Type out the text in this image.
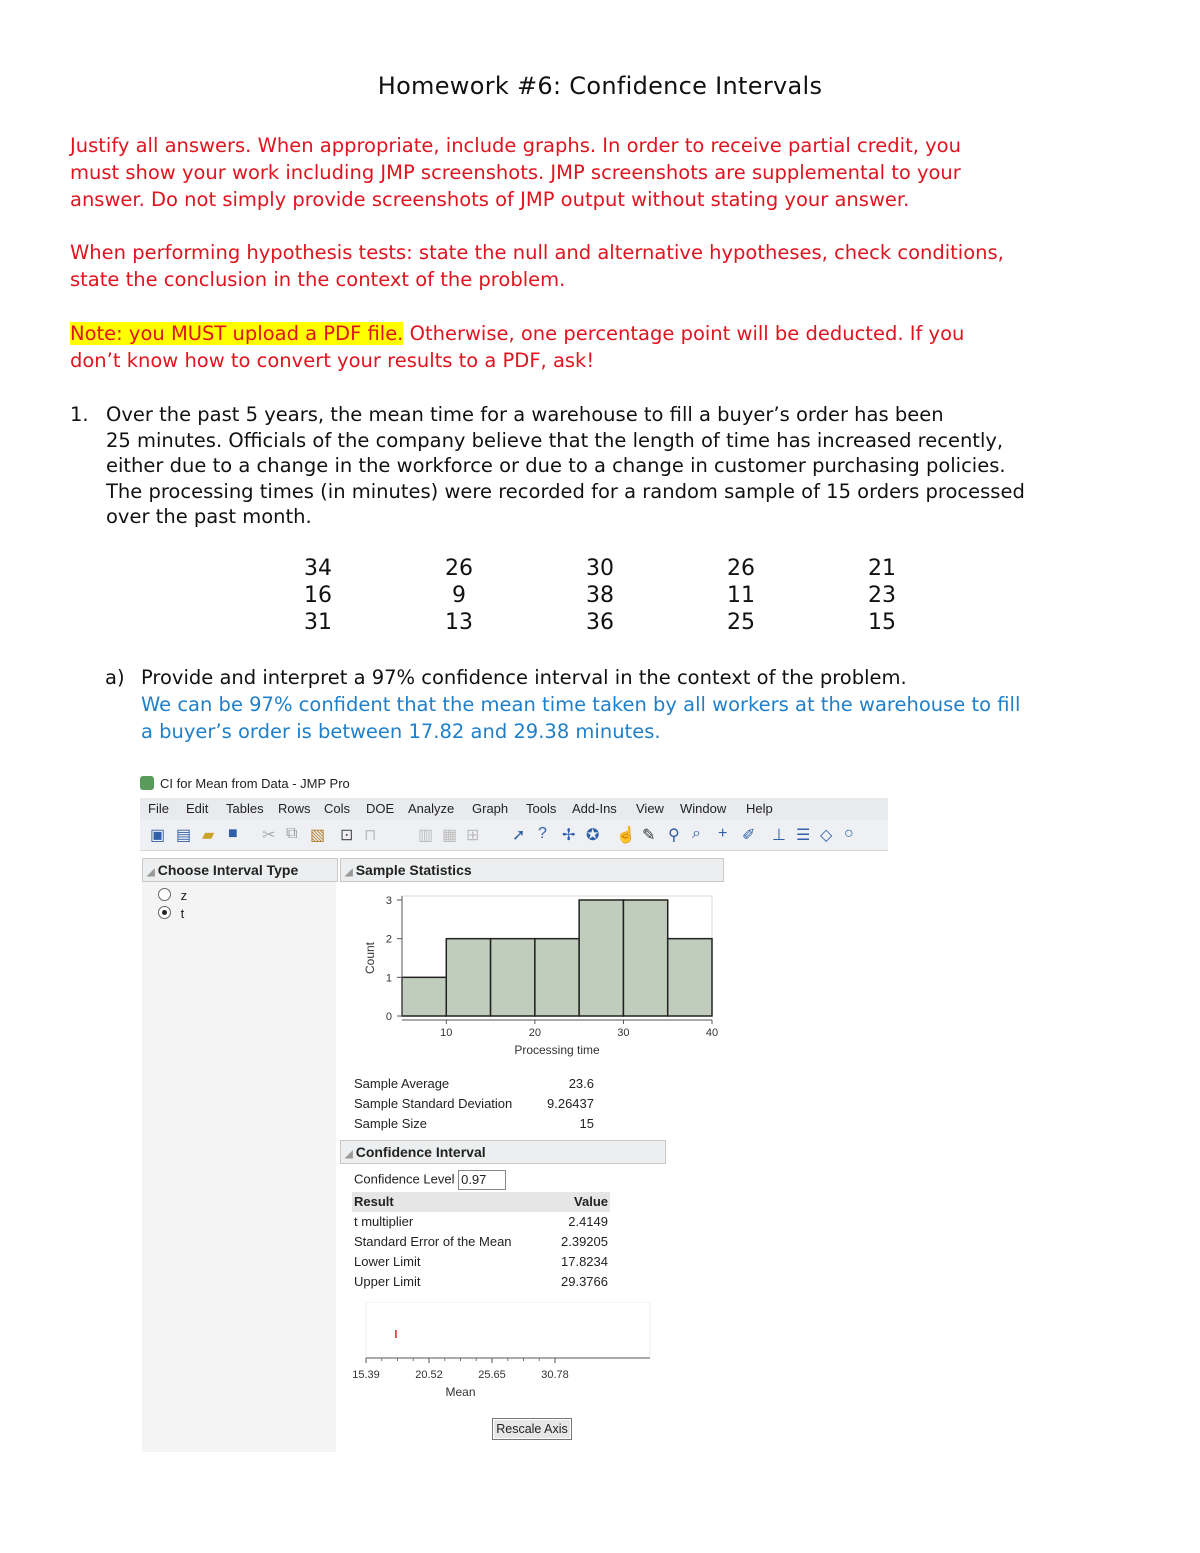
Homework #6: Confidence Intervals
Justify all answers. When appropriate, include graphs. In order to receive partial credit, you
must show your work including JMP screenshots. JMP screenshots are supplemental to your
answer. Do not simply provide screenshots of JMP output without stating your answer.
When performing hypothesis tests: state the null and alternative hypotheses, check conditions,
state the conclusion in the context of the problem.
Note: you MUST upload a PDF file. Otherwise, one percentage point will be deducted. If you
don’t know how to convert your results to a PDF, ask!
1. Over the past 5 years, the mean time for a warehouse to fill a buyer’s order has been
25 minutes. Officials of the company believe that the length of time has increased recently,
either due to a change in the workforce or due to a change in customer purchasing policies.
The processing times (in minutes) were recorded for a random sample of 15 orders processed
over the past month.
34	26	30	26	21
16	9	38	11	23
31	13	36	25	15
a) Provide and interpret a 97% confidence interval in the context of the problem.
We can be 97% confident that the mean time taken by all workers at the warehouse to fill
a buyer’s order is between 17.82 and 29.38 minutes.
CI for Mean from Data - JMP Pro
File Edit Tables Rows Cols DOE Analyze Graph Tools Add-Ins View Window Help
▣ ▤ ▰ ■ ✂ ⧉ ▧ ⊡ ⊓	▥ ▦ ⊞ ➚ ? ✢ ✪ ☝ ✎ ⚲ ⌕ + ✐ ⊥ ☰ ◇ ○
◢ Choose Interval Type
z
t
◢ Sample Statistics
0
1
2
3
10	20	30	40
Processing time
Count
Sample Average	23.6
Sample Standard Deviation	9.26437
Sample Size	15
◢ Confidence Interval
Confidence Level 0.97
Result	Value
t multiplier	2.4149
Standard Error of the Mean	2.39205
Lower Limit	17.8234
Upper Limit	29.3766
15.39	20.52	25.65	30.78
Mean
Rescale Axis
